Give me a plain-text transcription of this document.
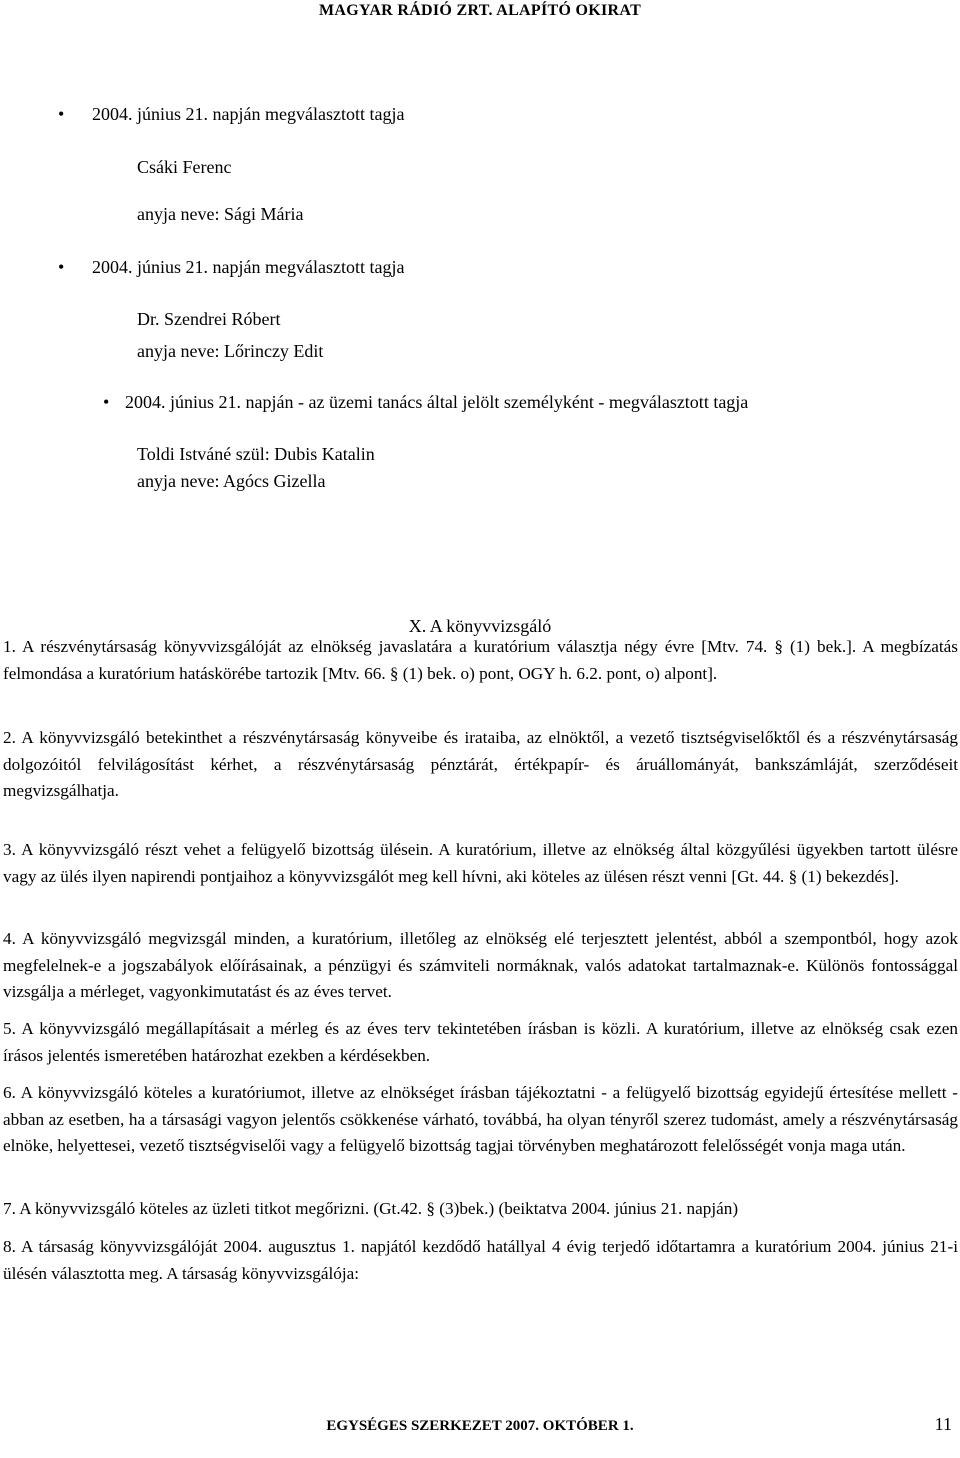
MAGYAR RÁDIÓ ZRT. ALAPÍTÓ OKIRAT
• 2004. június 21. napján megválasztott tagja
Csáki Ferenc
anyja neve: Sági Mária
• 2004. június 21. napján megválasztott tagja
Dr. Szendrei Róbert
anyja neve: Lőrinczy Edit
• 2004. június 21. napján - az üzemi tanács által jelölt személyként - megválasztott tagja
Toldi Istváné szül: Dubis Katalin
anyja neve: Agócs Gizella
X. A könyvvizsgáló
1. A részvénytársaság könyvvizsgálóját az elnökség javaslatára a kuratórium választja négy évre [Mtv. 74. § (1) bek.]. A megbízatás felmondása a kuratórium hatáskörébe tartozik [Mtv. 66. § (1) bek. o) pont, OGY h. 6.2. pont, o) alpont].
2. A könyvvizsgáló betekinthet a részvénytársaság könyveibe és irataiba, az elnöktől, a vezető tisztségviselőktől és a részvénytársaság dolgozóitól felvilágosítást kérhet, a részvénytársaság pénztárát, értékpapír- és áruállományát, bankszámláját, szerződéseit megvizsgálhatja.
3. A könyvvizsgáló részt vehet a felügyelő bizottság ülésein. A kuratórium, illetve az elnökség által közgyűlési ügyekben tartott ülésre vagy az ülés ilyen napirendi pontjaihoz a könyvvizsgálót meg kell hívni, aki köteles az ülésen részt venni [Gt. 44. § (1) bekezdés].
4. A könyvvizsgáló megvizsgál minden, a kuratórium, illetőleg az elnökség elé terjesztett jelentést, abból a szempontból, hogy azok megfelelnek-e a jogszabályok előírásainak, a pénzügyi és számviteli normáknak, valós adatokat tartalmaznak-e. Különös fontossággal vizsgálja a mérleget, vagyonkimutatást és az éves tervet.
5. A könyvvizsgáló megállapításait a mérleg és az éves terv tekintetében írásban is közli. A kuratórium, illetve az elnökség csak ezen írásos jelentés ismeretében határozhat ezekben a kérdésekben.
6. A könyvvizsgáló köteles a kuratóriumot, illetve az elnökséget írásban tájékoztatni - a felügyelő bizottság egyidejű értesítése mellett - abban az esetben, ha a társasági vagyon jelentős csökkenése várható, továbbá, ha olyan tényről szerez tudomást, amely a részvénytársaság elnöke, helyettesei, vezető tisztségviselői vagy a felügyelő bizottság tagjai törvényben meghatározott felelősségét vonja maga után.
7. A könyvvizsgáló köteles az üzleti titkot megőrizni. (Gt.42. § (3)bek.) (beiktatva 2004. június 21. napján)
8. A társaság könyvvizsgálóját 2004. augusztus 1. napjától kezdődő hatállyal 4 évig terjedő időtartamra a kuratórium 2004. június 21-i ülésén választotta meg. A társaság könyvvizsgálója:
EGYSÉGES SZERKEZET 2007. OKTÓBER 1.	11
